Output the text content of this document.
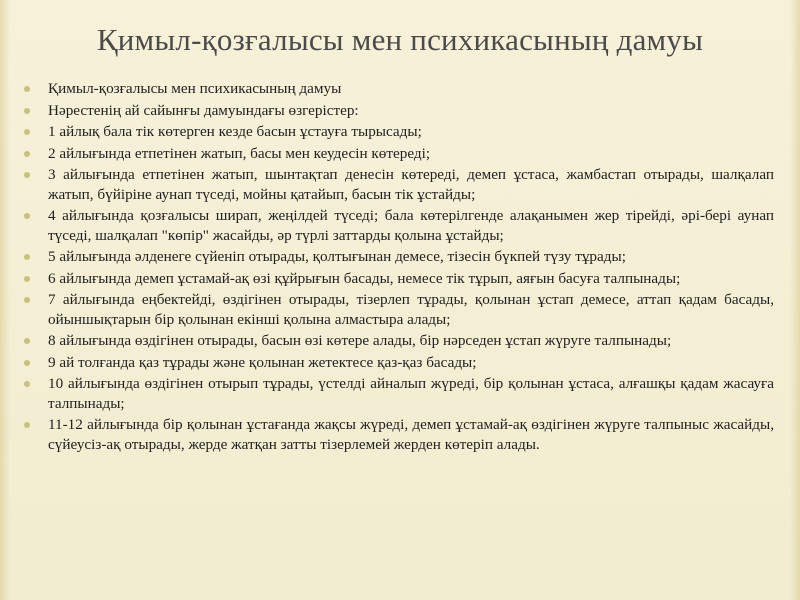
Қимыл-қозғалысы мен психикасының дамуы
Қимыл-қозғалысы мен психикасының дамуы
Нәрестенің ай сайынғы дамуындағы өзгерістер:
1 айлық бала тік көтерген кезде басын ұстауға тырысады;
2 айлығында етпетінен жатып, басы мен кеудесін көтереді;
3 айлығында етпетінен жатып, шынтақтап денесін көтереді, демеп ұстаса, жамбастап отырады, шалқалап жатып, бүйіріне аунап түседі, мойны қатайып, басын тік ұстайды;
4 айлығында қозғалысы ширап, жеңілдей түседі; бала көтерілгенде алақанымен жер тірейді, әрі-бері аунап түседі, шалқалап "көпір" жасайды, әр түрлі заттарды қолына ұстайды;
5 айлығында әлденеге сүйеніп отырады, қолтығынан демесе, тізесін бүкпей түзу тұрады;
6 айлығында демеп ұстамай-ақ өзі құйрығын басады, немесе тік тұрып, аяғын басуға талпынады;
7 айлығында еңбектейді, өздігінен отырады, тізерлеп тұрады, қолынан ұстап демесе, аттап қадам басады, ойыншықтарын бір қолынан екінші қолына алмастыра алады;
8 айлығында өздігінен отырады, басын өзі көтере алады, бір нәрседен ұстап жүруге талпынады;
9 ай толғанда қаз тұрады және қолынан жетектесе қаз-қаз басады;
10 айлығында өздігінен отырып тұрады, үстелді айналып жүреді, бір қолынан ұстаса, алғашқы қадам жасауға талпынады;
11-12 айлығында бір қолынан ұстағанда жақсы жүреді, демеп ұстамай-ақ өздігінен жүруге талпыныс жасайды, сүйеусіз-ақ отырады, жерде жатқан затты тізерлемей жерден көтеріп алады.
